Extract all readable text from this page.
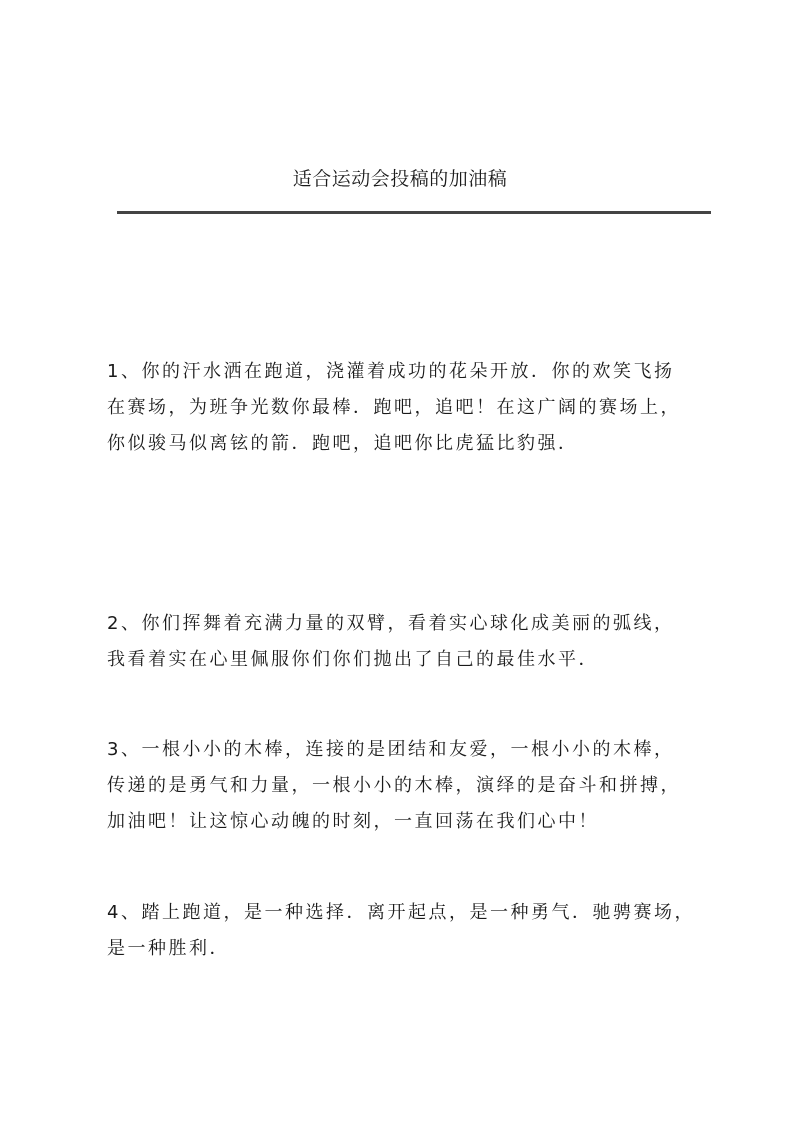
适合运动会投稿的加油稿
1、你的汗水洒在跑道，浇灌着成功的花朵开放．你的欢笑飞扬
在赛场，为班争光数你最棒．跑吧，追吧！在这广阔的赛场上，
你似骏马似离铉的箭．跑吧，追吧你比虎猛比豹强．
2、你们挥舞着充满力量的双臂，看着实心球化成美丽的弧线，
我看着实在心里佩服你们你们抛出了自己的最佳水平．
3、一根小小的木棒，连接的是团结和友爱，一根小小的木棒，
传递的是勇气和力量，一根小小的木棒，演绎的是奋斗和拼搏，
加油吧！让这惊心动魄的时刻，一直回荡在我们心中！
4、踏上跑道，是一种选择．离开起点，是一种勇气．驰骋赛场，
是一种胜利．
